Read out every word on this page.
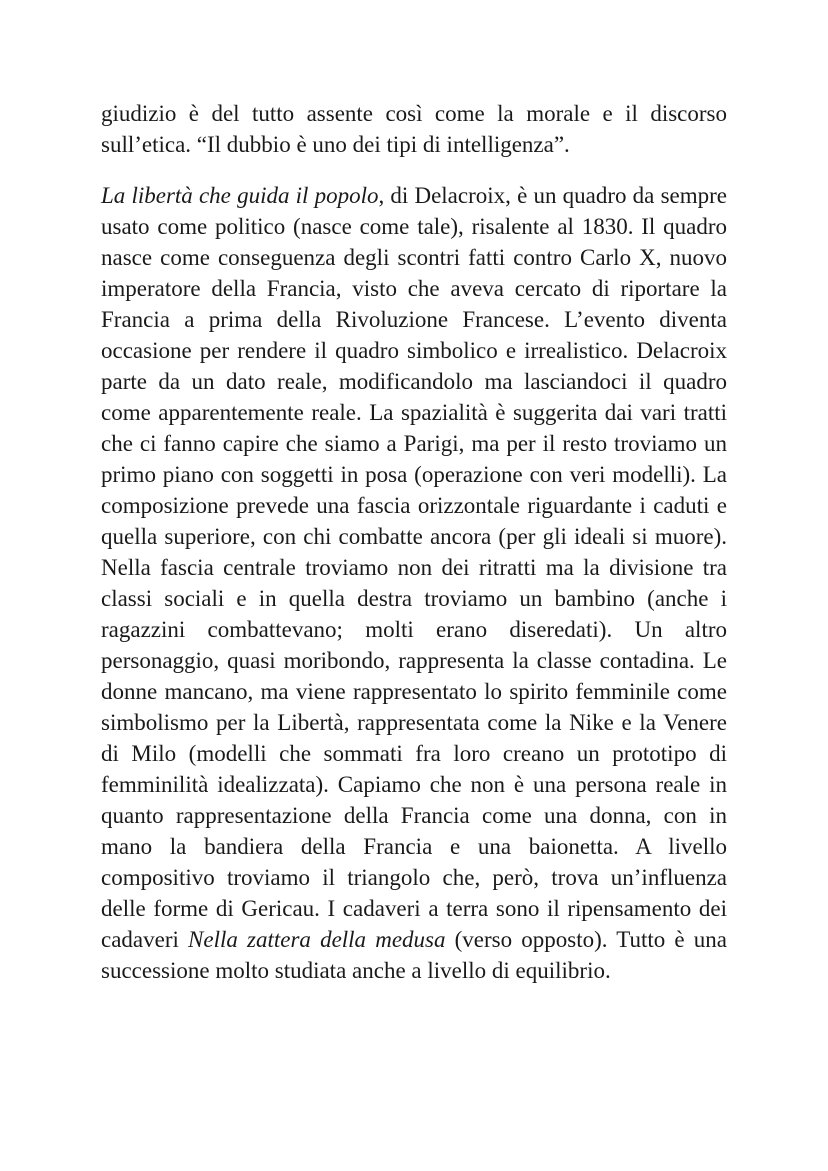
giudizio è del tutto assente così come la morale e il discorso sull’etica. “Il dubbio è uno dei tipi di intelligenza”.

La libertà che guida il popolo, di Delacroix, è un quadro da sempre usato come politico (nasce come tale), risalente al 1830. Il quadro nasce come conseguenza degli scontri fatti contro Carlo X, nuovo imperatore della Francia, visto che aveva cercato di riportare la Francia a prima della Rivoluzione Francese. L’evento diventa occasione per rendere il quadro simbolico e irrealistico. Delacroix parte da un dato reale, modificandolo ma lasciandoci il quadro come apparentemente reale. La spazialità è suggerita dai vari tratti che ci fanno capire che siamo a Parigi, ma per il resto troviamo un primo piano con soggetti in posa (operazione con veri modelli). La composizione prevede una fascia orizzontale riguardante i caduti e quella superiore, con chi combatte ancora (per gli ideali si muore). Nella fascia centrale troviamo non dei ritratti ma la divisione tra classi sociali e in quella destra troviamo un bambino (anche i ragazzini combattevano; molti erano diseredati). Un altro personaggio, quasi moribondo, rappresenta la classe contadina. Le donne mancano, ma viene rappresentato lo spirito femminile come simbolismo per la Libertà, rappresentata come la Nike e la Venere di Milo (modelli che sommati fra loro creano un prototipo di femminilità idealizzata). Capiamo che non è una persona reale in quanto rappresentazione della Francia come una donna, con in mano la bandiera della Francia e una baionetta. A livello compositivo troviamo il triangolo che, però, trova un’influenza delle forme di Gericau. I cadaveri a terra sono il ripensamento dei cadaveri Nella zattera della medusa (verso opposto). Tutto è una successione molto studiata anche a livello di equilibrio.
